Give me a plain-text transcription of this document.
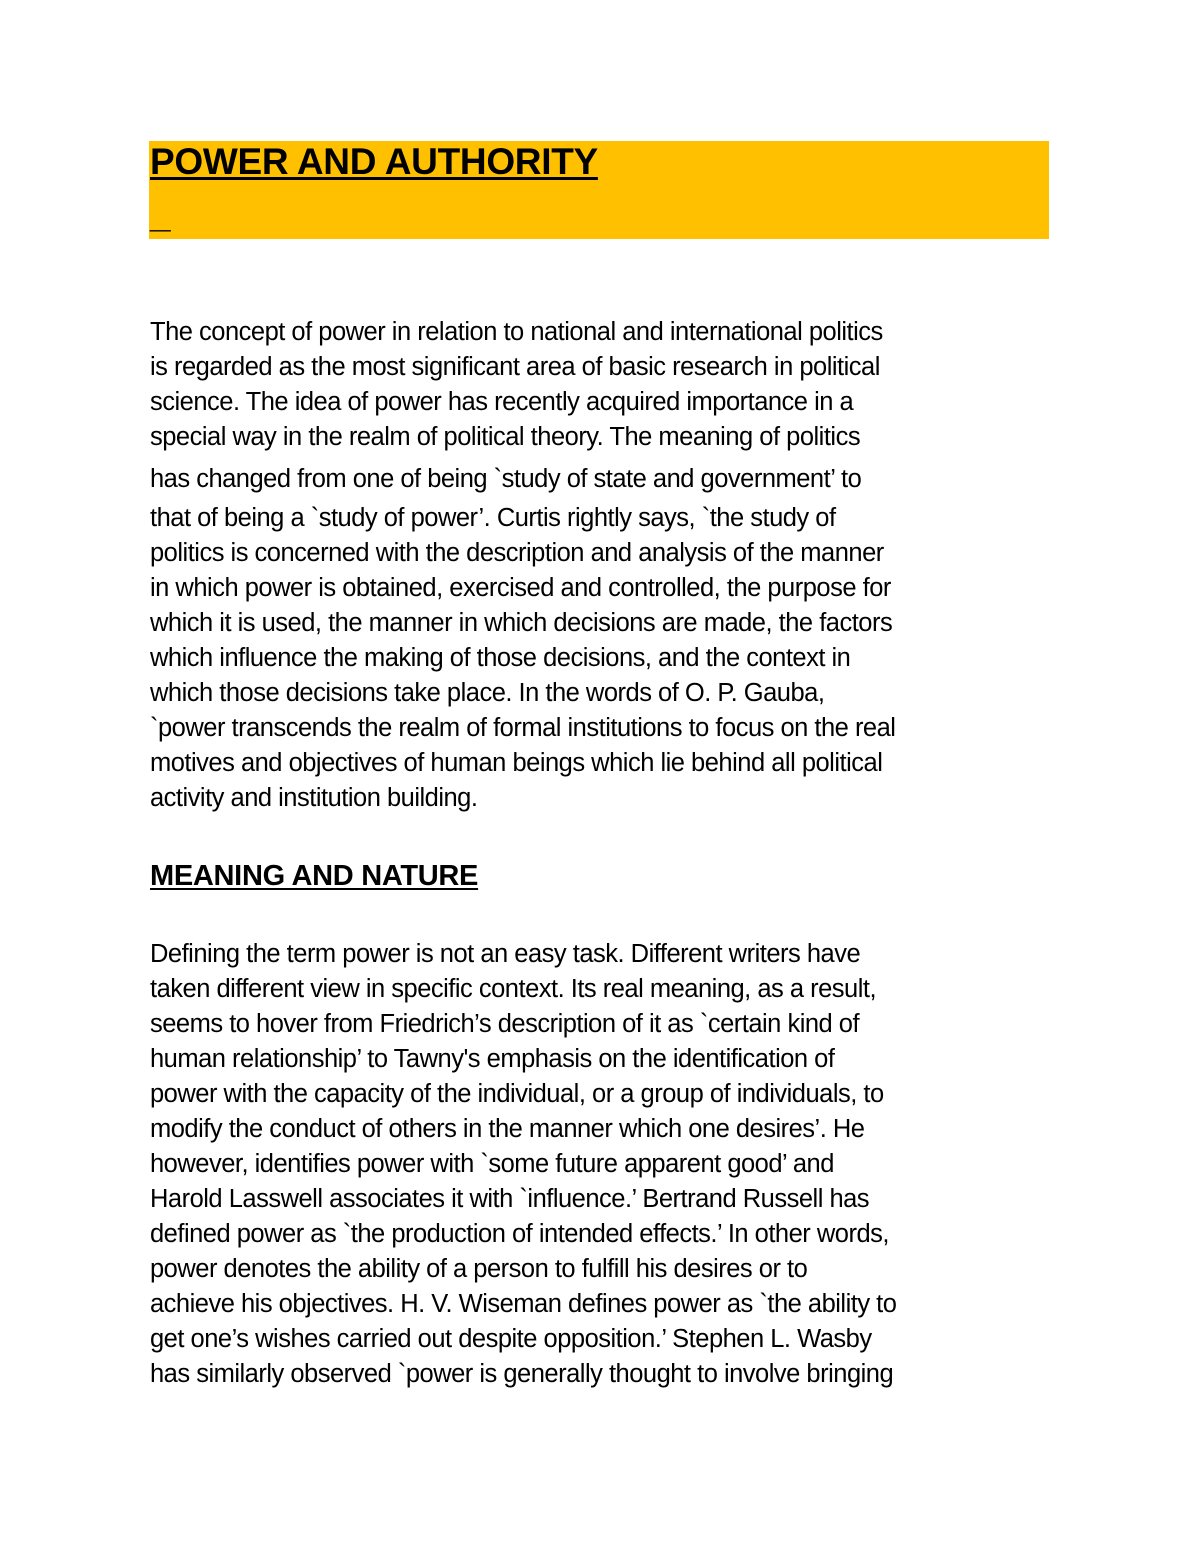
POWER AND AUTHORITY
_

The concept of power in relation to national and international politics
is regarded as the most significant area of basic research in political
science. The idea of power has recently acquired importance in a
special way in the realm of political theory. The meaning of politics
has changed from one of being `study of state and government’ to
that of being a `study of power’. Curtis rightly says, `the study of
politics is concerned with the description and analysis of the manner
in which power is obtained, exercised and controlled, the purpose for
which it is used, the manner in which decisions are made, the factors
which influence the making of those decisions, and the context in
which those decisions take place. In the words of O. P. Gauba,
`power transcends the realm of formal institutions to focus on the real
motives and objectives of human beings which lie behind all political
activity and institution building.

MEANING AND NATURE

Defining the term power is not an easy task. Different writers have
taken different view in specific context. Its real meaning, as a result,
seems to hover from Friedrich’s description of it as `certain kind of
human relationship’ to Tawny's emphasis on the identification of
power with the capacity of the individual, or a group of individuals, to
modify the conduct of others in the manner which one desires’. He
however, identifies power with `some future apparent good’ and
Harold Lasswell associates it with `influence.’ Bertrand Russell has
defined power as `the production of intended effects.’ In other words,
power denotes the ability of a person to fulfill his desires or to
achieve his objectives. H. V. Wiseman defines power as `the ability to
get one’s wishes carried out despite opposition.’ Stephen L. Wasby
has similarly observed `power is generally thought to involve bringing
